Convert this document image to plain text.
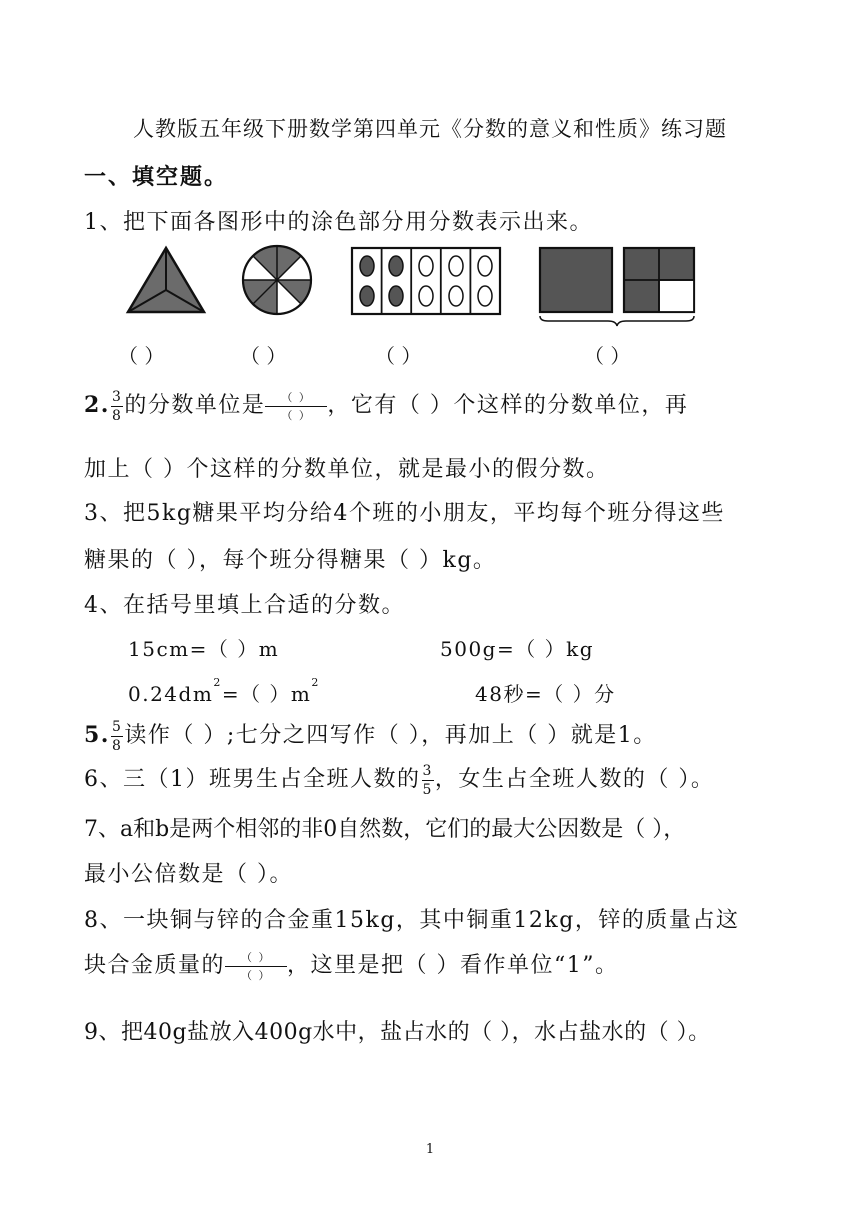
人教版五年级下册数学第四单元《分数的意义和性质》练习题
一、填空题。
1、把下面各图形中的涂色部分用分数表示出来。
（ ）	（ ）	（ ）	（ ）
2. $\frac{3}{8}$ 的分数单位是 $\frac{( )}{( )}$ ，它有（ ）个这样的分数单位，再
加上（ ）个这样的分数单位，就是最小的假分数。
3、把5kg糖果平均分给4个班的小朋友，平均每个班分得这些
糖果的（ ），每个班分得糖果（ ）kg。
4、在括号里填上合适的分数。
15cm=（ ）m	500g=（ ）kg
$0.24dm^2=$（ ）$m^2$	48秒=（ ）分
5. $\frac{5}{8}$ 读作（ ）;七分之四写作（ ），再加上（ ）就是1。
6、三（1）班男生占全班人数的 $\frac{3}{5}$ ，女生占全班人数的（ ）。
7、a和b是两个相邻的非0自然数，它们的最大公因数是（ ），
最小公倍数是（ ）。
8、一块铜与锌的合金重15kg，其中铜重12kg，锌的质量占这
块合金质量的 $\frac{( )}{( )}$ ，这里是把（ ）看作单位“1”。
9、把40g盐放入400g水中，盐占水的（ ），水占盐水的（ ）。
1
